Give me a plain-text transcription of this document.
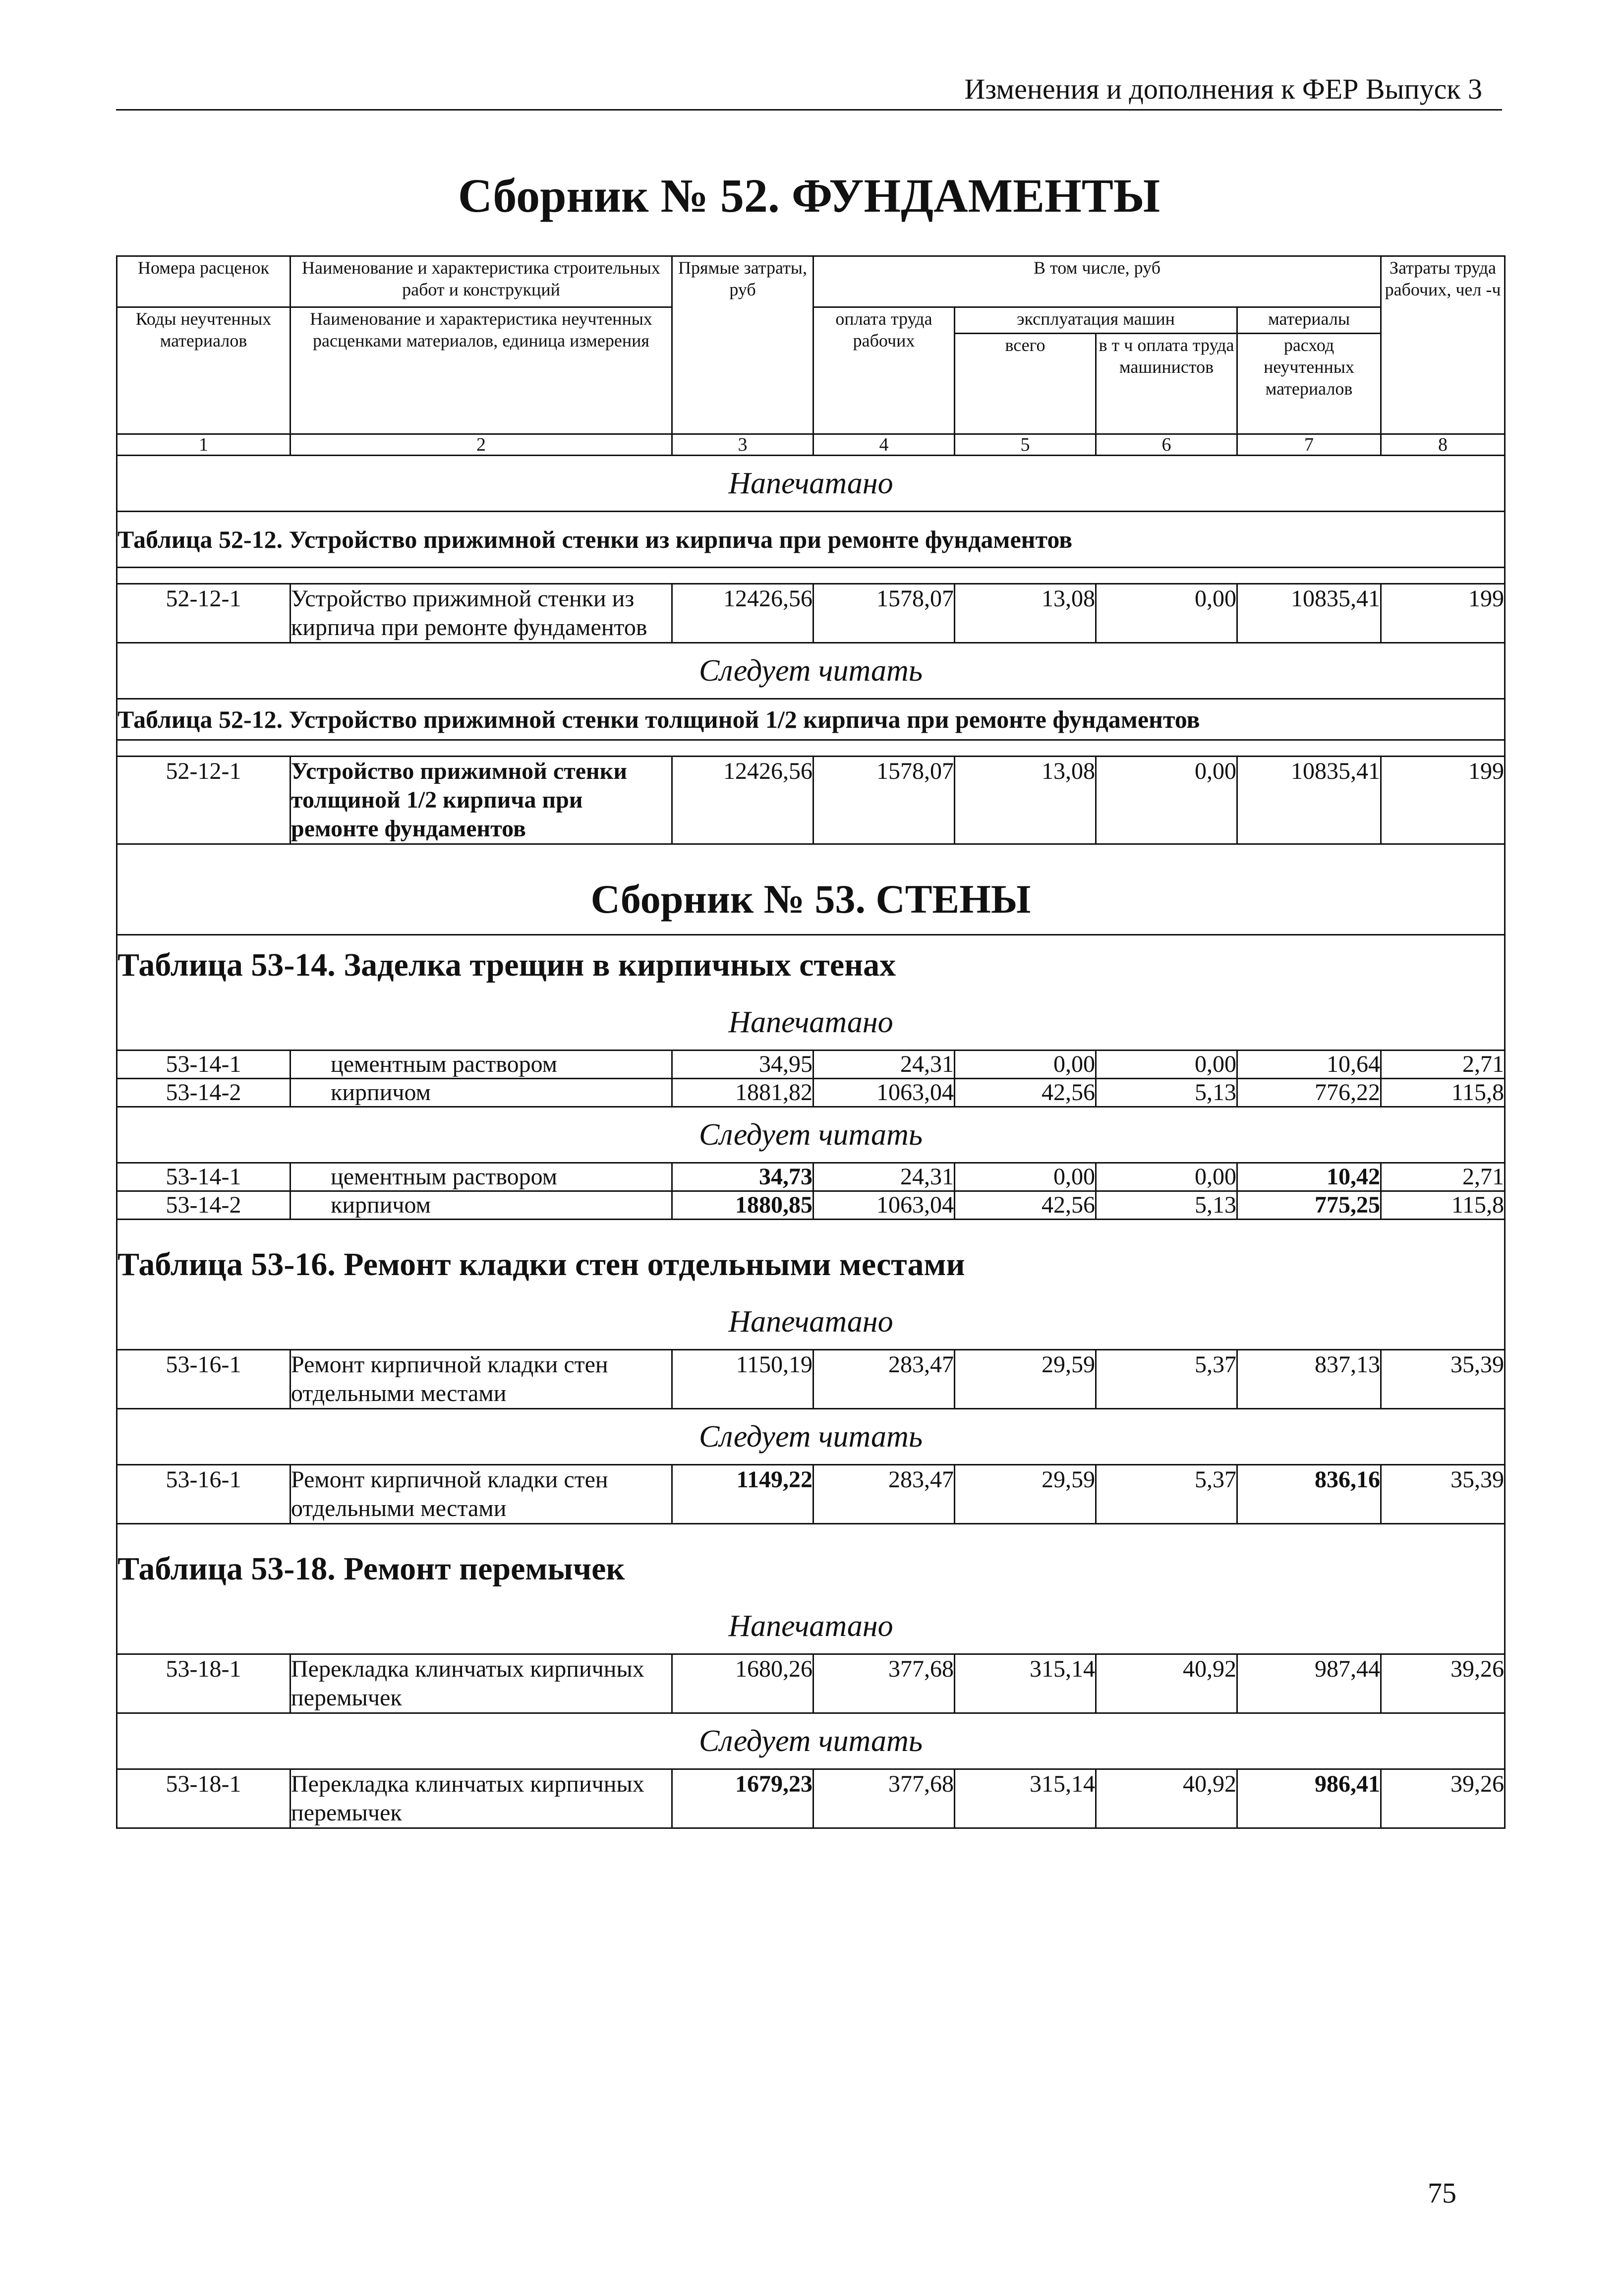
Изменения и дополнения к ФЕР Выпуск 3
Сборник № 52. ФУНДАМЕНТЫ
Номера расценок	Наименование и характеристика строительных работ и конструкций	Прямые затраты, руб	В том числе, руб				Затраты труда рабочих, чел -ч
Коды неучтенных материалов	Наименование и характеристика неучтенных расценками материалов, единица измерения		оплата труда рабочих	эксплуатация машин		материалы	
				всего	в т ч оплата труда машинистов	расход неучтенных материалов	
1	2	3	4	5	6	7	8
Напечатано							
Таблица 52-12. Устройство прижимной стенки из кирпича при ремонте фундаментов							

52-12-1	Устройство прижимной стенки из кирпича при ремонте фундаментов	12426,56	1578,07	13,08	0,00	10835,41	199
Следует читать							
Таблица 52-12. Устройство прижимной стенки толщиной 1/2 кирпича при ремонте фундаментов							

52-12-1	Устройство прижимной стенки толщиной 1/2 кирпича при ремонте фундаментов	12426,56	1578,07	13,08	0,00	10835,41	199
Сборник № 53. СТЕНЫ							
Таблица 53-14. Заделка трещин в кирпичных стенах							
Напечатано							
53-14-1	цементным раствором	34,95	24,31	0,00	0,00	10,64	2,71
53-14-2	кирпичом	1881,82	1063,04	42,56	5,13	776,22	115,8
Следует читать							
53-14-1	цементным раствором	34,73	24,31	0,00	0,00	10,42	2,71
53-14-2	кирпичом	1880,85	1063,04	42,56	5,13	775,25	115,8
Таблица 53-16. Ремонт кладки стен отдельными местами							
Напечатано							
53-16-1	Ремонт кирпичной кладки стен отдельными местами	1150,19	283,47	29,59	5,37	837,13	35,39
Следует читать							
53-16-1	Ремонт кирпичной кладки стен отдельными местами	1149,22	283,47	29,59	5,37	836,16	35,39
Таблица 53-18. Ремонт перемычек							
Напечатано							
53-18-1	Перекладка клинчатых кирпичных перемычек	1680,26	377,68	315,14	40,92	987,44	39,26
Следует читать							
53-18-1	Перекладка клинчатых кирпичных перемычек	1679,23	377,68	315,14	40,92	986,41	39,26
75
